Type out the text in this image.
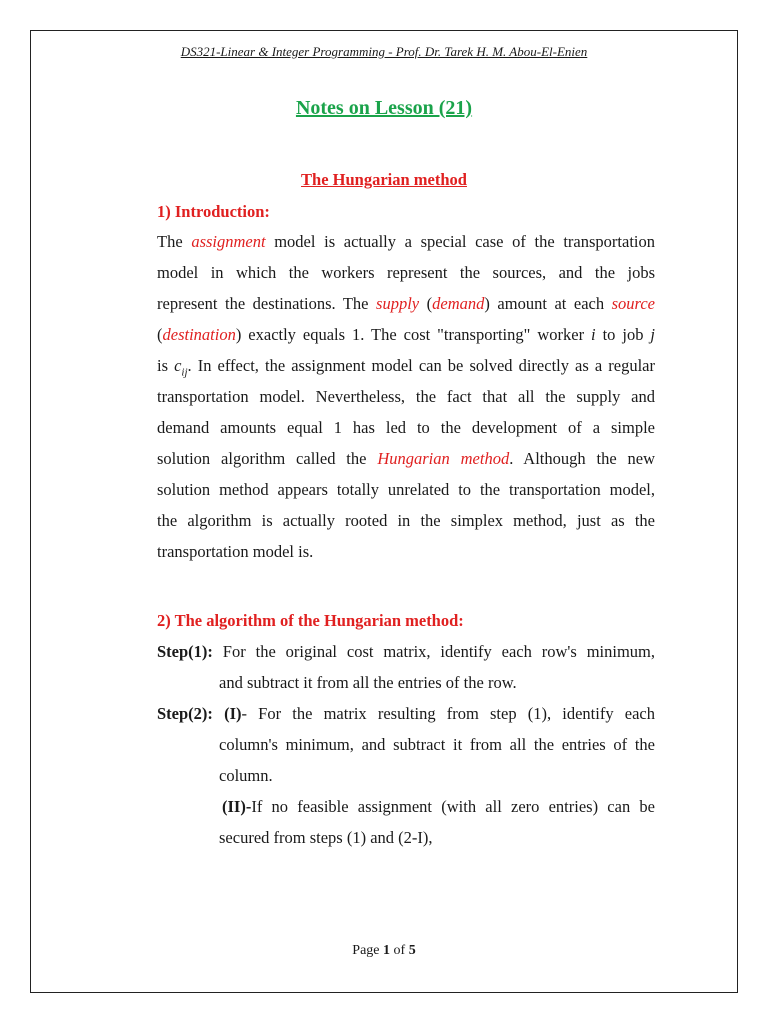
DS321-Linear & Integer Programming - Prof. Dr. Tarek H. M. Abou-El-Enien
Notes on Lesson (21)
The Hungarian method
1) Introduction:
The assignment model is actually a special case of the transportation
model in which the workers represent the sources, and the jobs
represent the destinations. The supply (demand) amount at each source
(destination) exactly equals 1. The cost "transporting" worker i to job j
is $c_{ij}$. In effect, the assignment model can be solved directly as a regular
transportation model. Nevertheless, the fact that all the supply and
demand amounts equal 1 has led to the development of a simple
solution algorithm called the Hungarian method. Although the new
solution method appears totally unrelated to the transportation model,
the algorithm is actually rooted in the simplex method, just as the
transportation model is.
2) The algorithm of the Hungarian method:
Step(1): For the original cost matrix, identify each row's minimum,
and subtract it from all the entries of the row.
Step(2): (I)- For the matrix resulting from step (1), identify each
column's minimum, and subtract it from all the entries of the
column.
(II)-If no feasible assignment (with all zero entries) can be
secured from steps (1) and (2-I),
Page 1 of 5
